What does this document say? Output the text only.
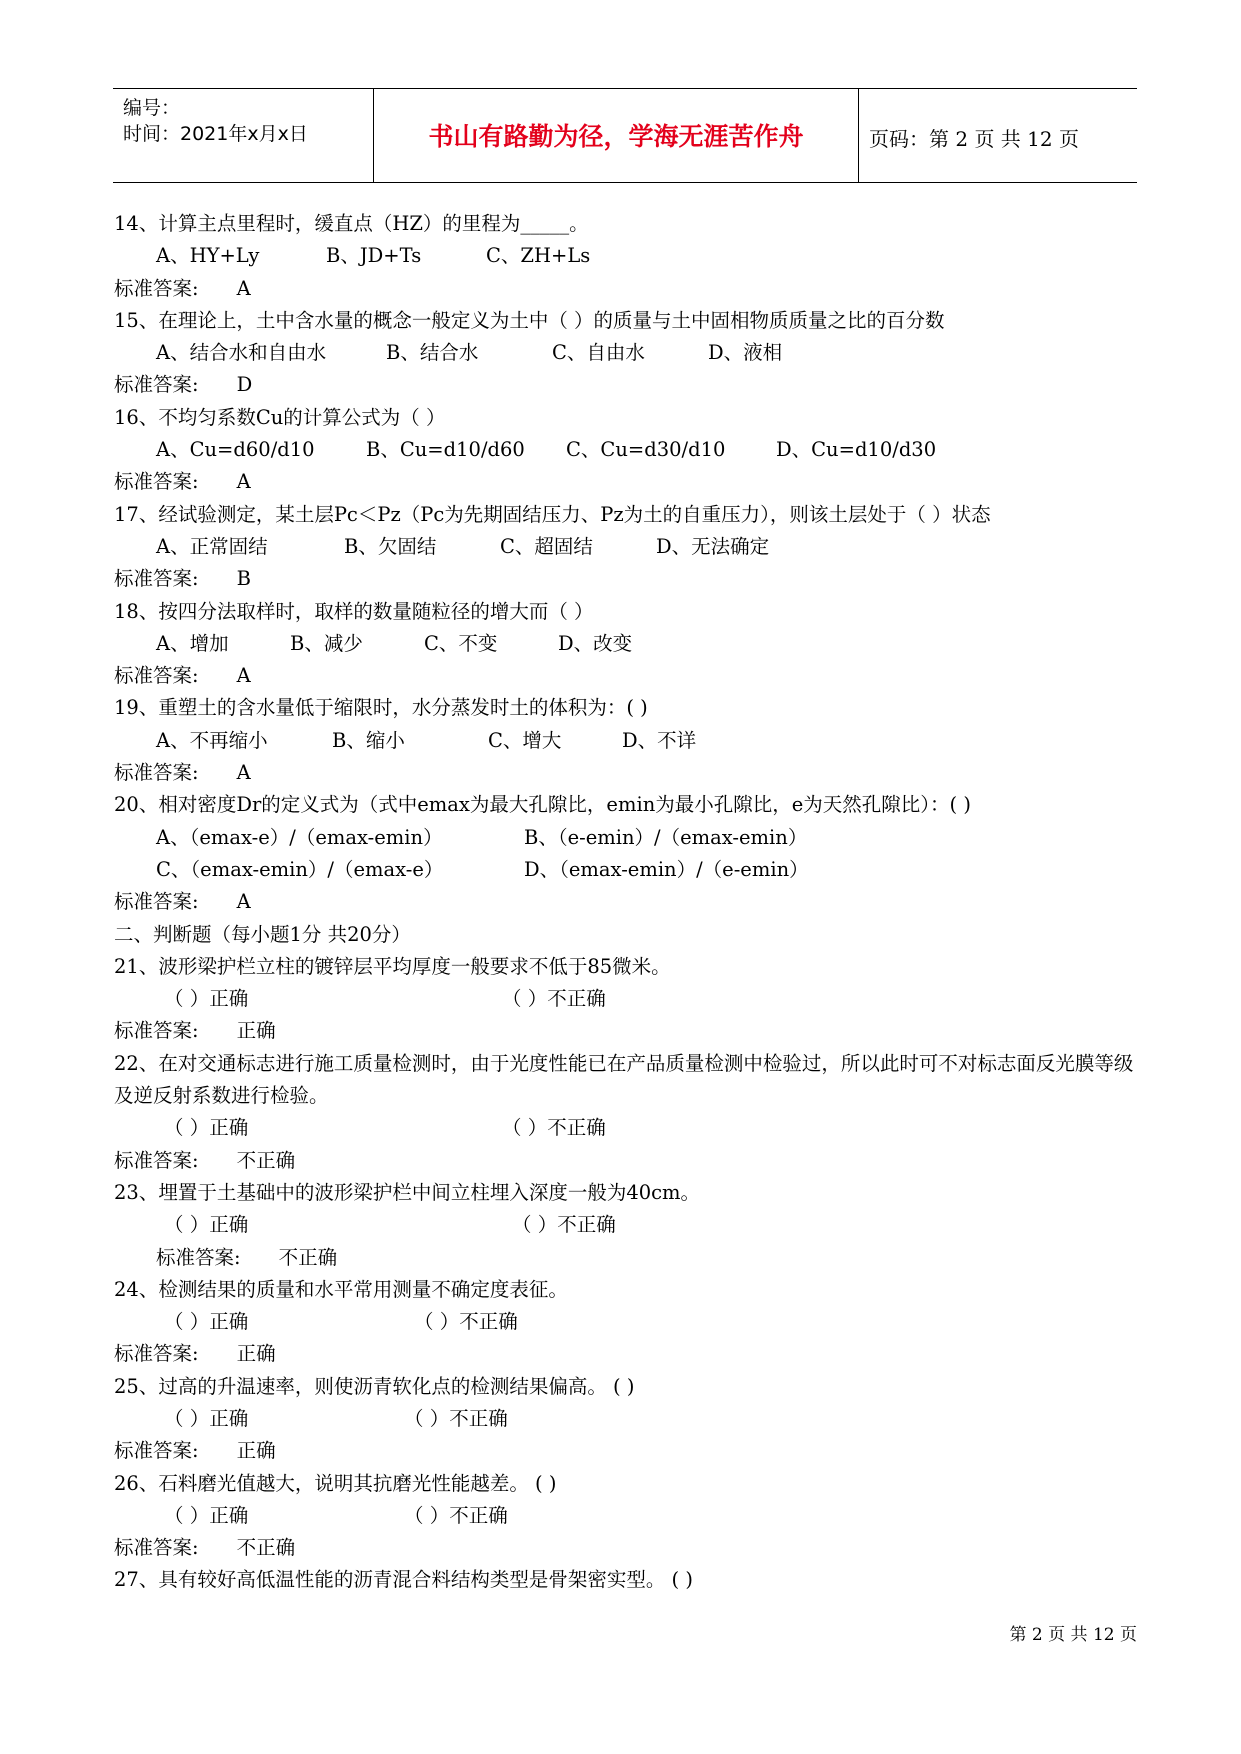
编号：
时间：2021年x月x日	书山有路勤为径，学海无涯苦作舟	页码：第 2 页 共 12 页
14、计算主点里程时，缓直点（HZ）的里程为_____。
A、HY+Ly	B、JD+Ts	C、ZH+Ls
标准答案: A
15、在理论上，土中含水量的概念一般定义为土中（ ）的质量与土中固相物质质量之比的百分数
A、结合水和自由水	B、结合水	C、自由水	D、液相
标准答案: D
16、不均匀系数Cu的计算公式为（ ）
A、Cu=d60/d10	B、Cu=d10/d60 C、Cu=d30/d10	D、Cu=d10/d30
标准答案: A
17、经试验测定，某土层Pc＜Pz（Pc为先期固结压力、Pz为土的自重压力），则该土层处于（ ）状态
A、正常固结	B、欠固结	C、超固结	D、无法确定
标准答案: B
18、按四分法取样时，取样的数量随粒径的增大而（ ）
A、增加	B、减少	C、不变	D、改变
标准答案: A
19、重塑土的含水量低于缩限时，水分蒸发时土的体积为：( )
A、不再缩小	B、缩小	C、增大	D、不详
标准答案: A
20、相对密度Dr的定义式为（式中emax为最大孔隙比，emin为最小孔隙比，e为天然孔隙比）：( )
A、（emax-e）/（emax-emin）	B、（e-emin）/（emax-emin）
C、（emax-emin）/（emax-e）	D、（emax-emin）/（e-emin）
标准答案: A
二、判断题（每小题1分 共20分）
21、波形梁护栏立柱的镀锌层平均厚度一般要求不低于85微米。
（ ）正确	（ ）不正确
标准答案: 正确
22、在对交通标志进行施工质量检测时，由于光度性能已在产品质量检测中检验过，所以此时可不对标志面反光膜等级及逆反射系数进行检验。
（ ）正确	（ ）不正确
标准答案: 不正确
23、埋置于土基础中的波形梁护栏中间立柱埋入深度一般为40cm。
（ ）正确	（ ）不正确
标准答案: 不正确
24、检测结果的质量和水平常用测量不确定度表征。
（ ）正确	（ ）不正确
标准答案: 正确
25、过高的升温速率，则使沥青软化点的检测结果偏高。 ( )
（ ）正确	（ ）不正确
标准答案: 正确
26、石料磨光值越大，说明其抗磨光性能越差。 ( )
（ ）正确	（ ）不正确
标准答案: 不正确
27、具有较好高低温性能的沥青混合料结构类型是骨架密实型。 ( )
第 2 页 共 12 页
